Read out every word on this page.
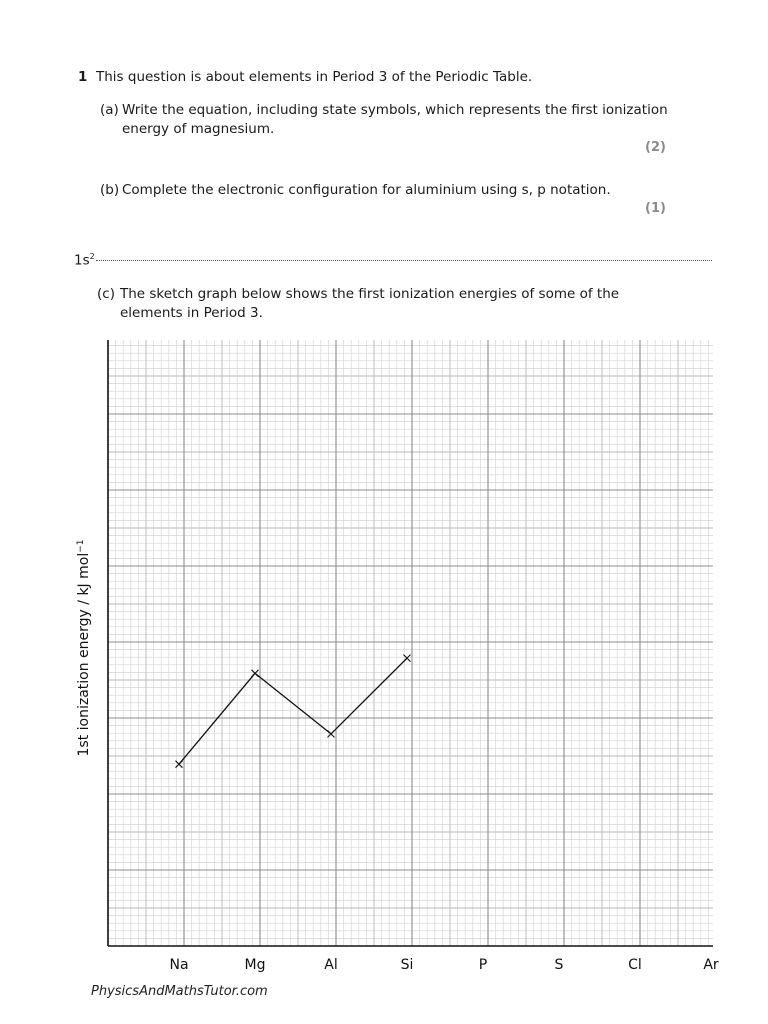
1 This question is about elements in Period 3 of the Periodic Table.
(a) Write the equation, including state symbols, which represents the first ionization
energy of magnesium.
(2)
(b) Complete the electronic configuration for aluminium using s, p notation.
(1)
$1s^2$
(c) The sketch graph below shows the first ionization energies of some of the
elements in Period 3.
Na	Mg	Al	Si	P	S	Cl	Ar
1st ionization energy / kJ mol$^{-1}$
PhysicsAndMathsTutor.com
